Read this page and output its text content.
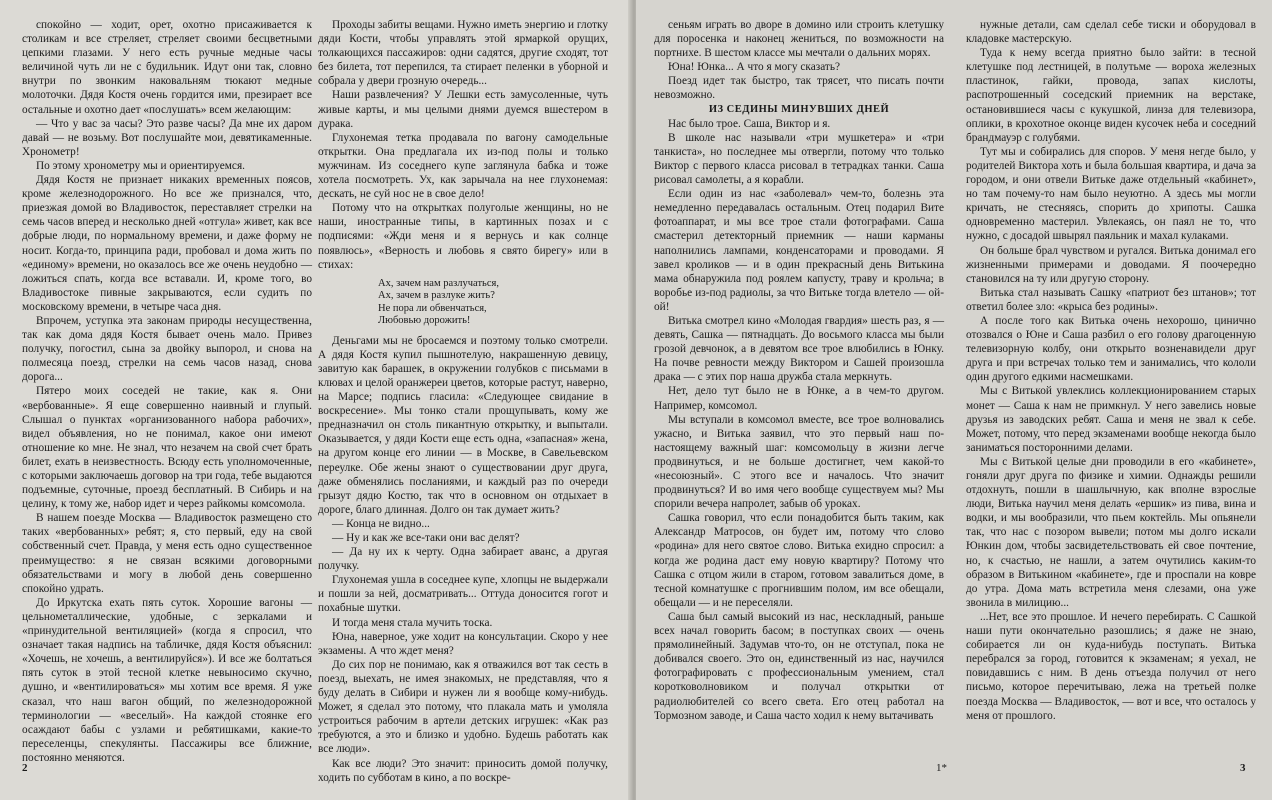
спокойно — ходит, орет, охотно присаживается к столикам и все стреляет, стреляет своими бесцветными цепкими глазами. У него есть ручные медные часы величиной чуть ли не с будильник. Идут они так, словно внутри по звонким наковальням тюкают медные молоточки. Дядя Костя очень гордится ими, презирает все остальные и охотно дает «послушать» всем желающим:

— Что у вас за часы? Это разве часы? Да мне их даром давай — не возьму. Вот послушайте мои, девятикаменные. Хронометр!

По этому хронометру мы и ориентируемся.

Дядя Костя не признает никаких временных поясов, кроме железнодорожного. Но все же признался, что, приезжая домой во Владивосток, переставляет стрелки на семь часов вперед и несколько дней «отгула» живет, как все добрые люди, по нормальному времени, и даже форму не носит. Когда-то, принципа ради, пробовал и дома жить по «единому» времени, но оказалось все же очень неудобно — ложиться спать, когда все вставали. И, кроме того, во Владивостоке пивные закрываются, если судить по московскому времени, в четыре часа дня.

Впрочем, уступка эта законам природы несущественна, так как дома дядя Костя бывает очень мало. Привез получку, погостил, сына за двойку выпорол, и снова на полмесяца поезд, стрелки на семь часов назад, снова дорога...

Пятеро моих соседей не такие, как я. Они «вербованные». Я еще совершенно наивный и глупый. Слышал о пунктах «организованного набора рабочих», видел объявления, но не понимал, какое они имеют отношение ко мне. Не знал, что незачем на свой счет брать билет, ехать в неизвестность. Всюду есть уполномоченные, с которыми заключаешь договор на три года, тебе выдаются подъемные, суточные, проезд бесплатный. В Сибирь и на целину, к тому же, набор идет и через райкомы комсомола.

В нашем поезде Москва — Владивосток размещено сто таких «вербованных» ребят; я, сто первый, еду на свой собственный счет. Правда, у меня есть одно существенное преимущество: я не связан всякими договорными обязательствами и могу в любой день совершенно спокойно удрать.

До Иркутска ехать пять суток. Хорошие вагоны — цельнометаллические, удобные, с зеркалами и «принудительной вентиляцией» (когда я спросил, что означает такая надпись на табличке, дядя Костя объяснил: «Хочешь, не хочешь, а вентилируйся»). И все же болтаться пять суток в этой тесной клетке невыносимо скучно, душно, и «вентилироваться» мы хотим все время. Я уже сказал, что наш вагон общий, по железнодорожной терминологии — «веселый». На каждой стоянке его осаждают бабы с узлами и ребятишками, какие-то переселенцы, спекулянты. Пассажиры все ближние, постоянно меняются.

Проходы забиты вещами. Нужно иметь энергию и глотку дяди Кости, чтобы управлять этой ярмаркой орущих, толкающихся пассажиров: одни садятся, другие сходят, тот без билета, тот перепился, та стирает пеленки в уборной и собрала у двери грозную очередь...

Наши развлечения? У Лешки есть замусоленные, чуть живые карты, и мы целыми днями дуемся вшестером в дурака.

Глухонемая тетка продавала по вагону самодельные открытки. Она предлагала их из-под полы и только мужчинам. Из соседнего купе заглянула бабка и тоже хотела посмотреть. Ух, как зарычала на нее глухонемая: дескать, не суй нос не в свое дело!

Потому что на открытках полуголые женщины, но не наши, иностранные типы, в картинных позах и с подписями: «Жди меня и я вернусь и как солнце появлюсь», «Верность и любовь я свято бирегу» или в стихах:

Ах, зачем нам разлучаться,
Ах, зачем в разлуке жить?
Не пора ли обвенчаться,
Любовью дорожить!

Деньгами мы не бросаемся и поэтому только смотрели. А дядя Костя купил пышнотелую, накрашенную девицу, завитую как барашек, в окружении голубков с письмами в клювах и целой оранжереи цветов, которые растут, наверно, на Марсе; подпись гласила: «Следующее свидание в воскресение». Мы тонко стали прощупывать, кому же предназначил он столь пикантную открытку, и выпытали. Оказывается, у дяди Кости еще есть одна, «запасная» жена, на другом конце его линии — в Москве, в Савельевском переулке. Обе жены знают о существовании друг друга, даже обменялись посланиями, и каждый раз по очереди грызут дядю Костю, так что в основном он отдыхает в дороге, благо длинная. Долго он так думает жить?

— Конца не видно...

— Ну и как же все-таки они вас делят?

— Да ну их к черту. Одна забирает аванс, а другая получку.

Глухонемая ушла в соседнее купе, хлопцы не выдержали и пошли за ней, досматривать... Оттуда доносится гогот и похабные шутки.

И тогда меня стала мучить тоска.

Юна, наверное, уже ходит на консультации. Скоро у нее экзамены. А что ждет меня?

До сих пор не понимаю, как я отважился вот так сесть в поезд, выехать, не имея знакомых, не представляя, что я буду делать в Сибири и нужен ли я вообще кому-нибудь. Может, я сделал это потому, что плакала мать и умоляла устроиться рабочим в артели детских игрушек: «Как раз требуются, а это и близко и удобно. Будешь работать как все люди».

Как все люди? Это значит: приносить домой получку, ходить по субботам в кино, а по воскре-

2

сеньям играть во дворе в домино или строить клетушку для поросенка и наконец жениться, по возможности на портнихе. В шестом классе мы мечтали о дальних морях.

Юна! Юнка... А что я могу сказать?

Поезд идет так быстро, так трясет, что писать почти невозможно.

ИЗ СЕДИНЫ МИНУВШИХ ДНЕЙ

Нас было трое. Саша, Виктор и я.

В школе нас называли «три мушкетера» и «три танкиста», но последнее мы отвергли, потому что только Виктор с первого класса рисовал в тетрадках танки. Саша рисовал самолеты, а я корабли.

Если один из нас «заболевал» чем-то, болезнь эта немедленно передавалась остальным. Отец подарил Вите фотоаппарат, и мы все трое стали фотографами. Саша смастерил детекторный приемник — наши карманы наполнились лампами, конденсаторами и проводами. Я завел кроликов — и в один прекрасный день Витькина мама обнаружила под роялем капусту, траву и крольча; в воробье из-под радиолы, за что Витьке тогда влетело — ой-ой!

Витька смотрел кино «Молодая гвардия» шесть раз, я — девять, Сашка — пятнадцать. До восьмого класса мы были грозой девчонок, а в девятом все трое влюбились в Юнку. На почве ревности между Виктором и Сашей произошла драка — с этих пор наша дружба стала меркнуть.

Нет, дело тут было не в Юнке, а в чем-то другом. Например, комсомол.

Мы вступали в комсомол вместе, все трое волновались ужасно, и Витька заявил, что это первый наш по-настоящему важный шаг: комсомольцу в жизни легче продвинуться, и не больше достигнет, чем какой-то «несоюзный». С этого все и началось. Что значит продвинуться? И во имя чего вообще существуем мы? Мы спорили вечера напролет, забыв об уроках.

Сашка говорил, что если понадобится быть таким, как Александр Матросов, он будет им, потому что слово «родина» для него святое слово. Витька ехидно спросил: а когда же родина даст ему новую квартиру? Потому что Сашка с отцом жили в старом, готовом завалиться доме, в тесной комнатушке с прогнившим полом, им все обещали, обещали — и не переселяли.

Саша был самый высокий из нас, нескладный, раньше всех начал говорить басом; в поступках своих — очень прямолинейный. Задумав что-то, он не отступал, пока не добивался своего. Это он, единственный из нас, научился фотографировать с профессиональным умением, стал коротковолновиком и получал открытки от радиолюбителей со всего света. Его отец работал на Тормозном заводе, и Саша часто ходил к нему вытачивать

нужные детали, сам сделал себе тиски и оборудовал в кладовке мастерскую.

Туда к нему всегда приятно было зайти: в тесной клетушке под лестницей, в полутьме — вороха железных пластинок, гайки, провода, запах кислоты, распотрошенный соседский приемник на верстаке, остановившиеся часы с кукушкой, линза для телевизора, оплики, в крохотное оконце виден кусочек неба и соседний брандмауэр с голубями.

Тут мы и собирались для споров. У меня негде было, у родителей Виктора хоть и была большая квартира, и дача за городом, и они отвели Витьке даже отдельный «кабинет», но там почему-то нам было неуютно. А здесь мы могли кричать, не стесняясь, спорить до хрипоты. Сашка одновременно мастерил. Увлекаясь, он пaял не то, что нужно, с досадой швырял паяльник и махал кулаками.

Он больше брал чувством и ругался. Витька донимал его жизненными примерами и доводами. Я поочередно становился на ту или другую сторону.

Витька стал называть Сашку «патриот без штанов»; тот ответил более зло: «крыса без родины».

А после того как Витька очень нехорошо, цинично отозвался о Юне и Саша разбил о его голову драгоценную телевизорную колбу, они открыто возненавидели друг друга и при встречах только тем и занимались, что кололи один другого едкими насмешками.

Мы с Витькой увлеклись коллекционированием старых монет — Саша к нам не примкнул. У него завелись новые друзья из заводских ребят. Саша и меня не звал к себе. Может, потому, что перед экзаменами вообще некогда было заниматься посторонними делами.

Мы с Витькой целые дни проводили в его «кабинете», гоняли друг друга по физике и химии. Однажды решили отдохнуть, пошли в шашлычную, как вполне взрослые люди, Витька научил меня делать «ершик» из пива, вина и водки, и мы вообразили, что пьем коктейль. Мы опьянели так, что нас с позором вывели; потом мы долго искали Юнкин дом, чтобы засвидетельствовать ей свое почтение, но, к счастью, не нашли, а затем очутились каким-то образом в Витькином «кабинете», где и проспали на ковре до утра. Дома мать встретила меня слезами, она уже звонила в милицию...

...Нет, все это прошлое. И нечего перебирать. С Сашкой наши пути окончательно разошлись; я даже не знаю, собирается ли он куда-нибудь поступать. Витька перебрался за город, готовится к экзаменам; я уехал, не повидавшись с ним. В день отъезда получил от него письмо, которое перечитываю, лежа на третьей полке поезда Москва — Владивосток, — вот и все, что осталось у меня от прошлого.

1*	3
